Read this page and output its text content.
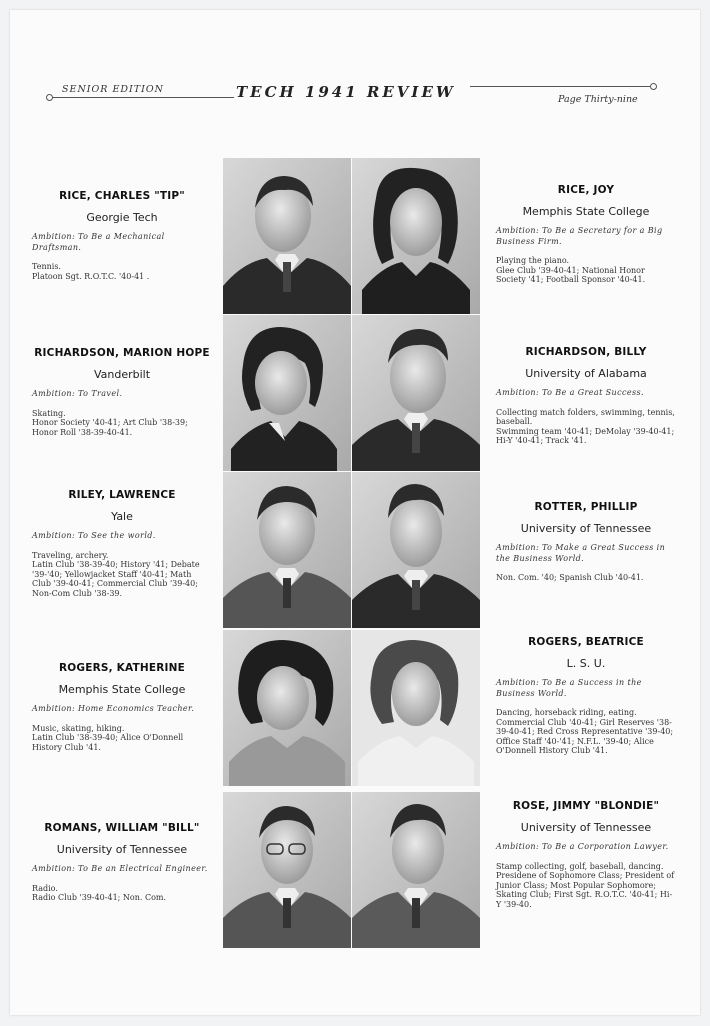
SENIOR EDITION	TECH 1941 REVIEW	Page Thirty-nine
RICE, CHARLES "TIP"
Georgie Tech
Ambition: To Be a Mechanical Draftsman.
Tennis.
Platoon Sgt. R.O.T.C. '40-41 .
RICE, JOY
Memphis State College
Ambition: To Be a Secretary for a Big Business Firm.
Playing the piano.
Glee Club '39-40-41; National Honor Society '41; Football Sponsor '40-41.
RICHARDSON, MARION HOPE
Vanderbilt
Ambition: To Travel.
Skating.
Honor Society '40-41; Art Club '38-39; Honor Roll '38-39-40-41.
RICHARDSON, BILLY
University of Alabama
Ambition: To Be a Great Success.
Collecting match folders, swimming, tennis, baseball.
Swimming team '40-41; DeMolay '39-40-41; Hi-Y '40-41; Track '41.
RILEY, LAWRENCE
Yale
Ambition: To See the world.
Traveling, archery.
Latin Club '38-39-40; History '41; Debate '39-'40; Yellowjacket Staff '40-41; Math Club '39-40-41; Commercial Club '39-40; Non-Com Club '38-39.
ROTTER, PHILLIP
University of Tennessee
Ambition: To Make a Great Success in the Business World.
Non. Com. '40; Spanish Club '40-41.
ROGERS, KATHERINE
Memphis State College
Ambition: Home Economics Teacher.
Music, skating, hiking.
Latin Club '38-39-40; Alice O'Donnell History Club '41.
ROGERS, BEATRICE
L. S. U.
Ambition: To Be a Success in the Business World.
Dancing, horseback riding, eating.
Commercial Club '40-41; Girl Reserves '38-39-40-41; Red Cross Representative '39-40; Office Staff '40-'41; N.F.L. '39-40; Alice O'Donnell History Club '41.
ROMANS, WILLIAM "BILL"
University of Tennessee
Ambition: To Be an Electrical Engineer.
Radio.
Radio Club '39-40-41; Non. Com.
ROSE, JIMMY "BLONDIE"
University of Tennessee
Ambition: To Be a Corporation Lawyer.
Stamp collecting, golf, baseball, dancing.
Presidene of Sophomore Class; President of Junior Class; Most Popular Sophomore; Skating Club; First Sgt. R.O.T.C. '40-41; Hi-Y '39-40.
